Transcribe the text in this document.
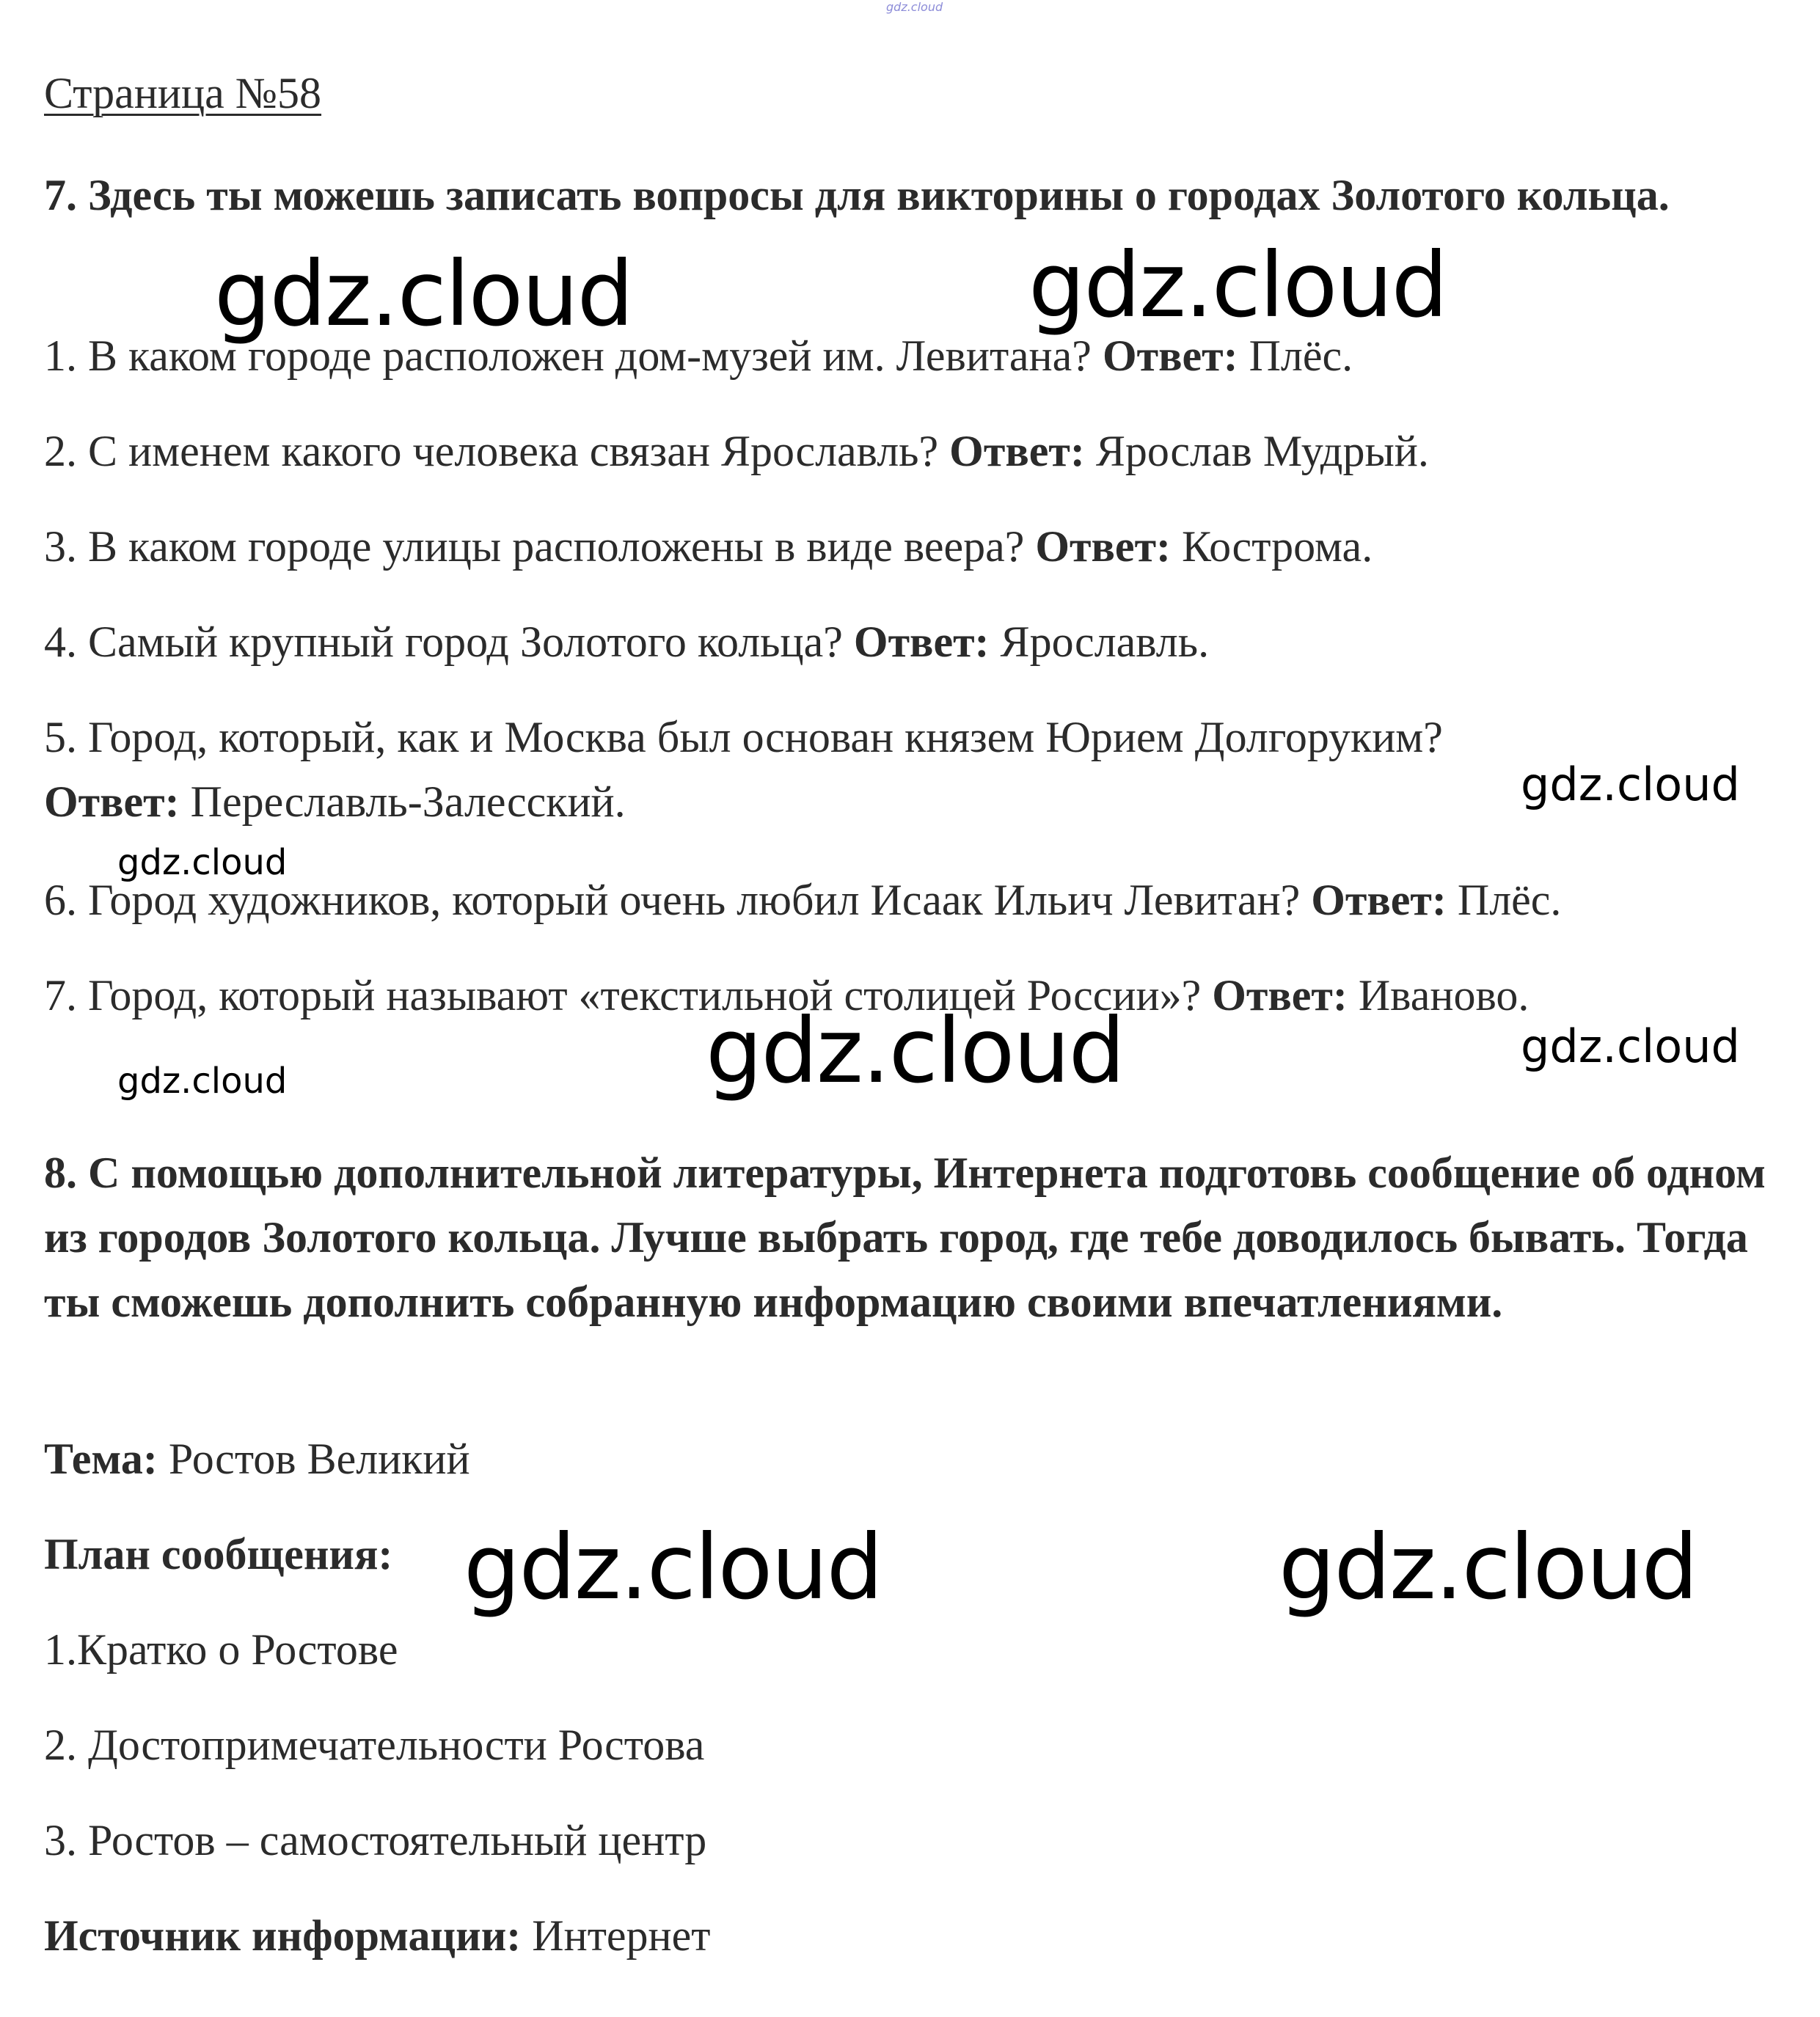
gdz.cloud
Страница №58
7. Здесь ты можешь записать вопросы для викторины о городах Золотого кольца.
1. В каком городе расположен дом-музей им. Левитана? Ответ: Плёс.
2. С именем какого человека связан Ярославль? Ответ: Ярослав Мудрый.
3. В каком городе улицы расположены в виде веера? Ответ: Кострома.
4. Самый крупный город Золотого кольца? Ответ: Ярославль.
5. Город, который, как и Москва был основан князем Юрием Долгоруким?
Ответ: Переславль-Залесский.
6. Город художников, который очень любил Исаак Ильич Левитан? Ответ: Плёс.
7. Город, который называют «текстильной столицей России»? Ответ: Иваново.
8. С помощью дополнительной литературы, Интернета подготовь сообщение об одном из городов Золотого кольца. Лучше выбрать город, где тебе доводилось бывать. Тогда ты сможешь дополнить собранную информацию своими впечатлениями.
Тема: Ростов Великий
План сообщения:
1.Кратко о Ростове
2. Достопримечательности Ростова
3. Ростов – самостоятельный центр
Источник информации: Интернет
gdz.cloud	gdz.cloud
gdz.cloud
gdz.cloud
gdz.cloud	gdz.cloud
gdz.cloud
gdz.cloud	gdz.cloud
